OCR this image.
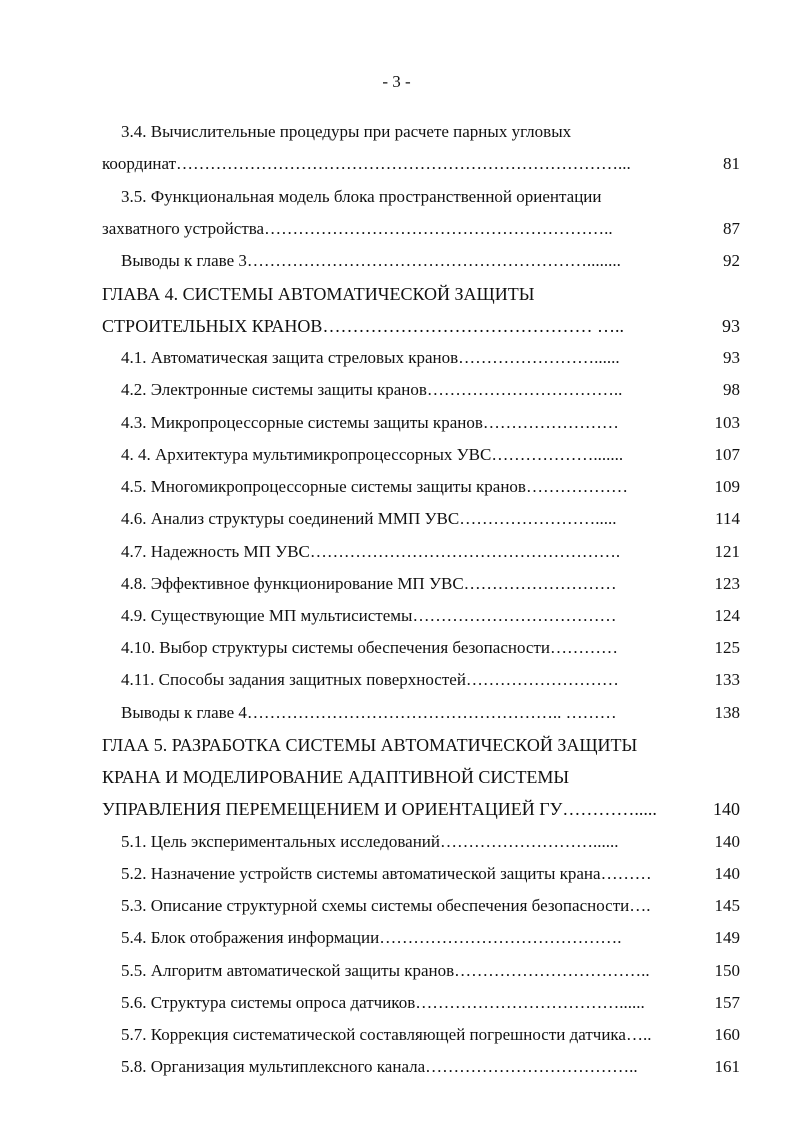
- 3 -
3.4. Вычислительные процедуры при расчете парных угловых
координат……………………………………………………………………...	81
3.5. Функциональная модель блока пространственной ориентации
захватного устройства……………………………………………………..	87
Выводы к главе 3……………………………………………………........	92
ГЛАВА 4. СИСТЕМЫ АВТОМАТИЧЕСКОЙ ЗАЩИТЫ
СТРОИТЕЛЬНЫХ КРАНОВ……………………………………… …..	93
4.1. Автоматическая защита стреловых кранов……………………......	93
4.2. Электронные системы защиты кранов……………………………..	98
4.3. Микропроцессорные системы защиты кранов……………………	103
4. 4. Архитектура мультимикропроцессорных УВС……………….......	107
4.5. Многомикропроцессорные системы защиты кранов………………	109
4.6. Анализ структуры соединений ММП УВС…………………….....	114
4.7. Надежность МП УВС……………………………………………….	121
4.8. Эффективное функционирование МП УВС………………………	123
4.9. Существующие МП мультисистемы………………………………	124
4.10. Выбор структуры системы обеспечения безопасности…………	125
4.11. Способы задания защитных поверхностей………………………	133
Выводы к главе 4……………………………………………….. ………	138
ГЛАА 5. РАЗРАБОТКА СИСТЕМЫ АВТОМАТИЧЕСКОЙ ЗАЩИТЫ
КРАНА И МОДЕЛИРОВАНИЕ АДАПТИВНОЙ СИСТЕМЫ
УПРАВЛЕНИЯ ПЕРЕМЕЩЕНИЕМ И ОРИЕНТАЦИЕЙ ГУ………….....	140
5.1. Цель экспериментальных исследований………………………......	140
5.2. Назначение устройств системы автоматической защиты крана………	140
5.3. Описание структурной схемы системы обеспечения безопасности….	145
5.4. Блок отображения информации…………………………………….	149
5.5. Алгоритм автоматической защиты кранов……………………………..	150
5.6. Структура системы опроса датчиков………………………………......	157
5.7. Коррекция систематической составляющей погрешности датчика…..	160
5.8. Организация мультиплексного канала………………………………..	161
